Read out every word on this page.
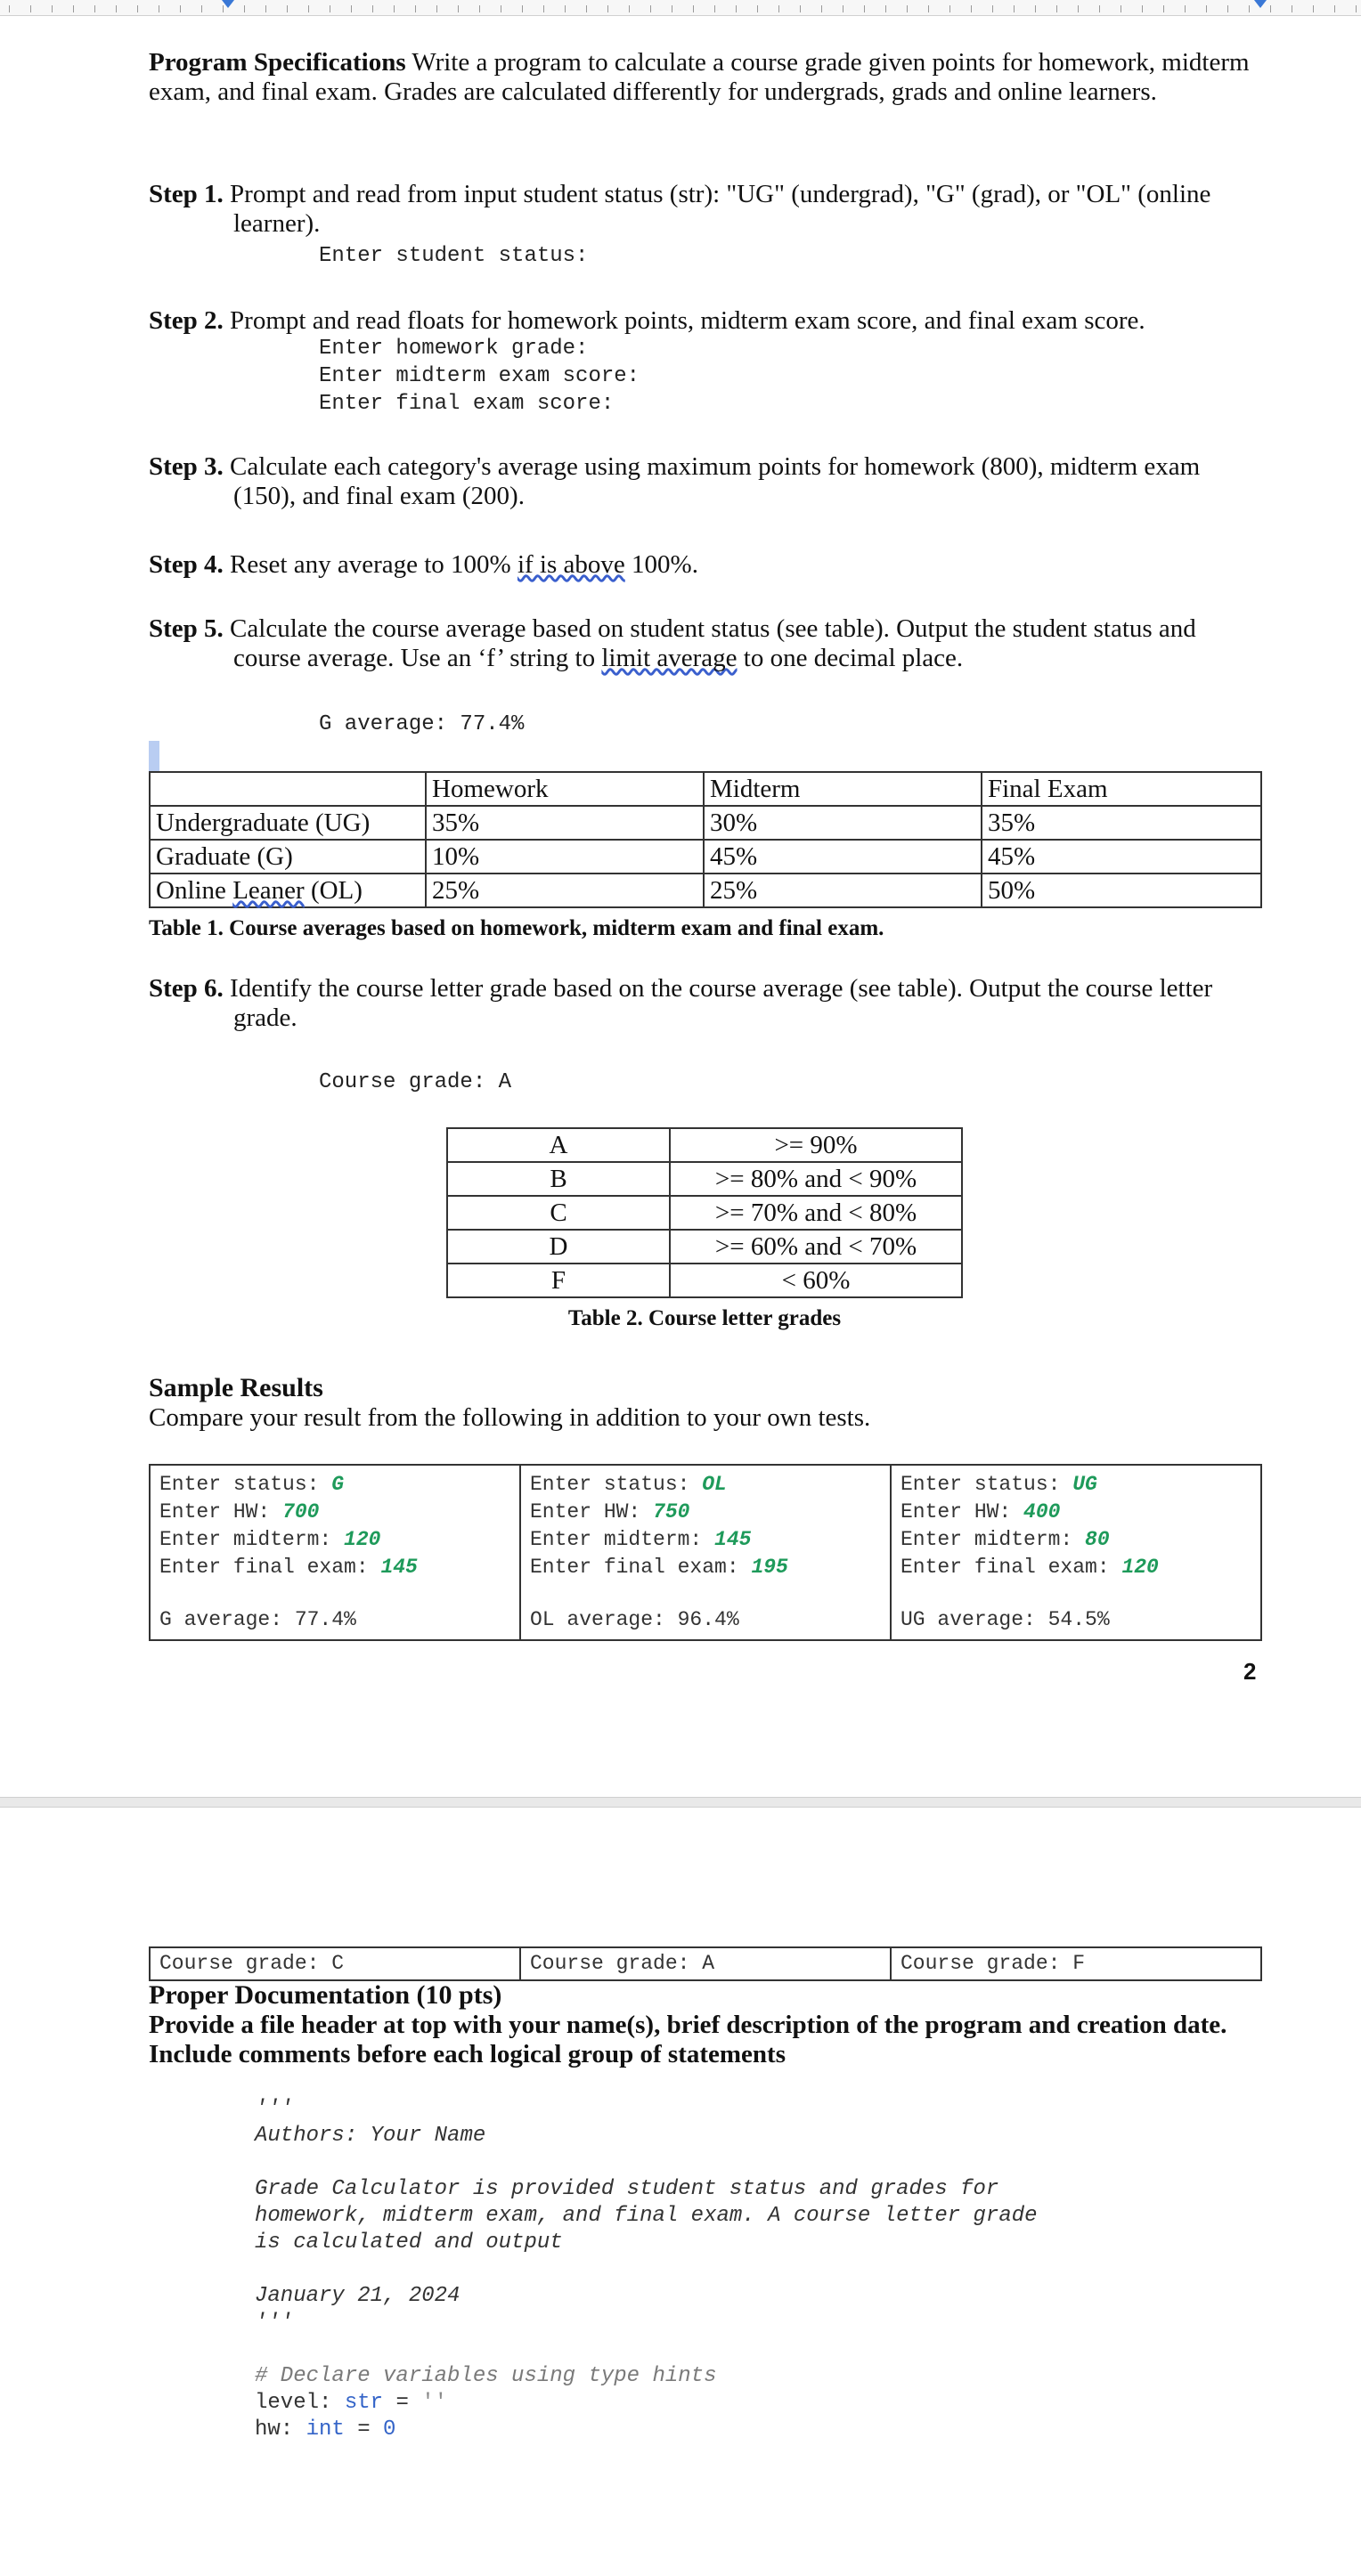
Program Specifications Write a program to calculate a course grade given points for homework, midterm exam, and final exam. Grades are calculated differently for undergrads, grads and online learners.
Step 1. Prompt and read from input student status (str): "UG" (undergrad), "G" (grad), or "OL" (online learner).
Enter student status:
Step 2. Prompt and read floats for homework points, midterm exam score, and final exam score.
Enter homework grade:
Enter midterm exam score:
Enter final exam score:
Step 3. Calculate each category's average using maximum points for homework (800), midterm exam (150), and final exam (200).
Step 4. Reset any average to 100% if is above 100%.
Step 5. Calculate the course average based on student status (see table). Output the student status and course average. Use an ‘f’ string to limit average to one decimal place.
G average: 77.4%
	Homework	Midterm	Final Exam
Undergraduate (UG)	35%	30%	35%
Graduate (G)	10%	45%	45%
Online Leaner (OL)	25%	25%	50%
Table 1. Course averages based on homework, midterm exam and final exam.
Step 6. Identify the course letter grade based on the course average (see table). Output the course letter grade.
Course grade: A
A	>= 90%
B	>= 80% and < 90%
C	>= 70% and < 80%
D	>= 60% and < 70%
F	< 60%
Table 2. Course letter grades
Sample Results
Compare your result from the following in addition to your own tests.
Enter status: G
Enter HW: 700
Enter midterm: 120
Enter final exam: 145
G average: 77.4%

Enter status: OL
Enter HW: 750
Enter midterm: 145
Enter final exam: 195
OL average: 96.4%

Enter status: UG
Enter HW: 400
Enter midterm: 80
Enter final exam: 120
UG average: 54.5%
2
Course grade: C	Course grade: A	Course grade: F
Proper Documentation (10 pts)
Provide a file header at top with your name(s), brief description of the program and creation date. Include comments before each logical group of statements
'''
Authors: Your Name
Grade Calculator is provided student status and grades for
homework, midterm exam, and final exam. A course letter grade
is calculated and output
January 21, 2024
'''
# Declare variables using type hints
level: str = ''
hw: int = 0
